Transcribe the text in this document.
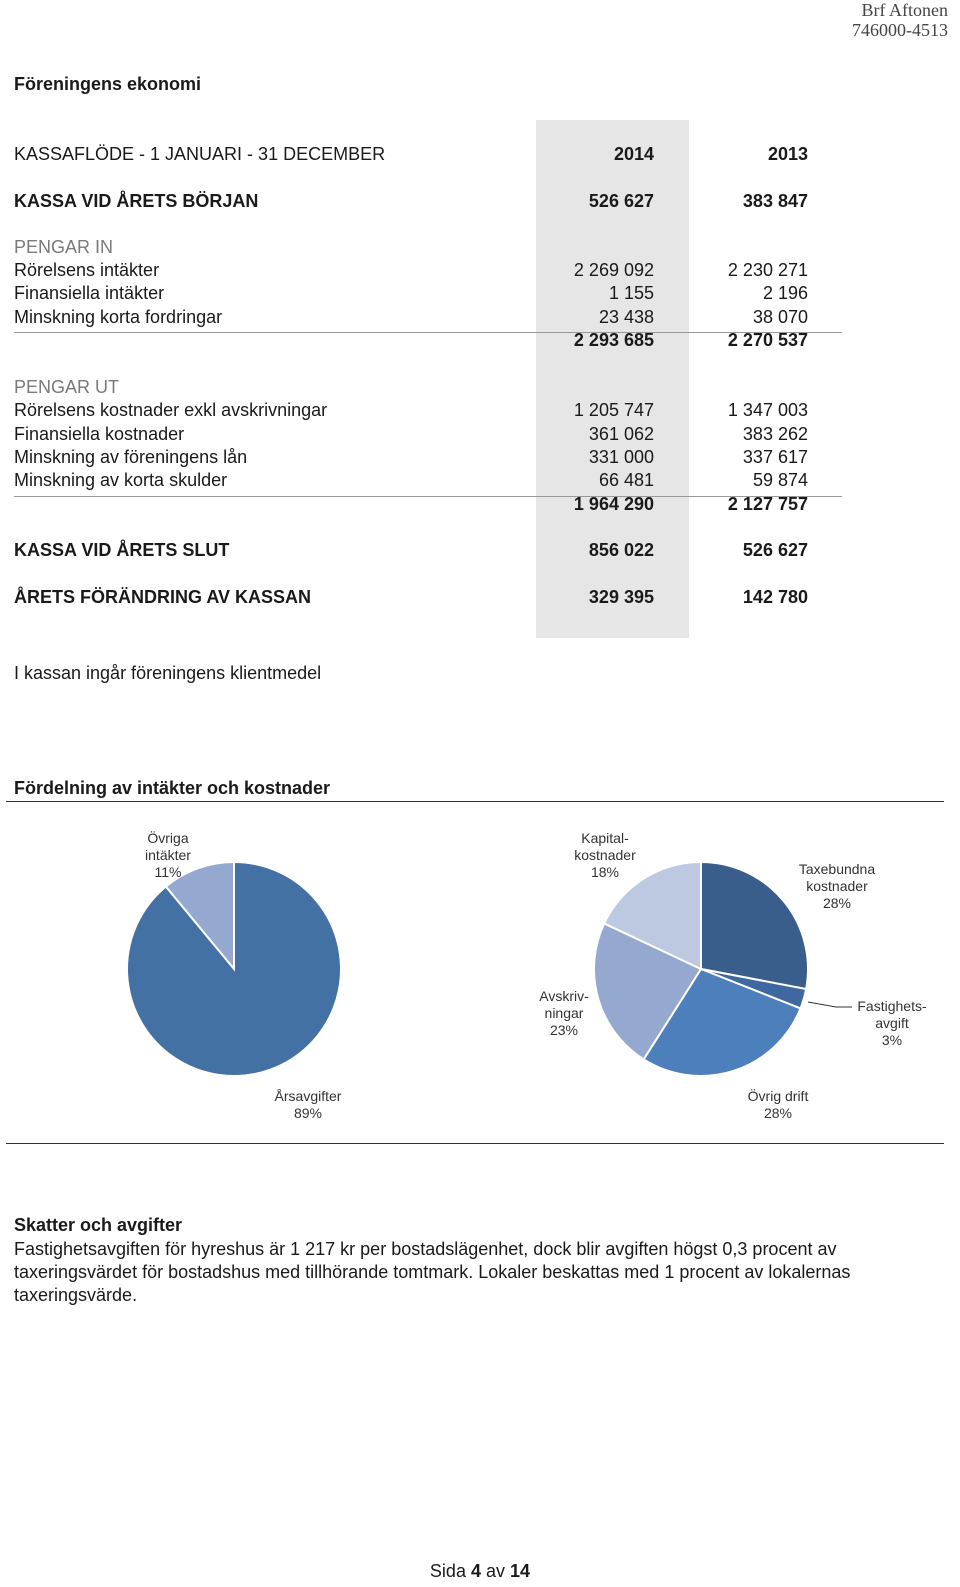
Brf Aftonen
746000-4513
Föreningens ekonomi
KASSAFLÖDE - 1 JANUARI - 31 DECEMBER	2014	2013
KASSA VID ÅRETS BÖRJAN	526 627	383 847
PENGAR IN
Rörelsens intäkter	2 269 092	2 230 271
Finansiella intäkter	1 155	2 196
Minskning korta fordringar	23 438	38 070
2 293 685	2 270 537
PENGAR UT
Rörelsens kostnader exkl avskrivningar	1 205 747	1 347 003
Finansiella kostnader	361 062	383 262
Minskning av föreningens lån	331 000	337 617
Minskning av korta skulder	66 481	59 874
1 964 290	2 127 757
KASSA VID ÅRETS SLUT	856 022	526 627
ÅRETS FÖRÄNDRING AV KASSAN	329 395	142 780
I kassan ingår föreningens klientmedel
Fördelning av intäkter och kostnader
Övriga
intäkter
11%
Årsavgifter
89%
Kapital-
kostnader
18%	Taxebundna
kostnader
28%
Avskriv-
ningar
23%
Fastighets-
avgift
3%
Övrig drift
28%
Skatter och avgifter
Fastighetsavgiften för hyreshus är 1 217 kr per bostadslägenhet, dock blir avgiften högst 0,3 procent av taxeringsvärdet för bostadshus med tillhörande tomtmark. Lokaler beskattas med 1 procent av lokalernas taxeringsvärde.
Sida 4 av 14
